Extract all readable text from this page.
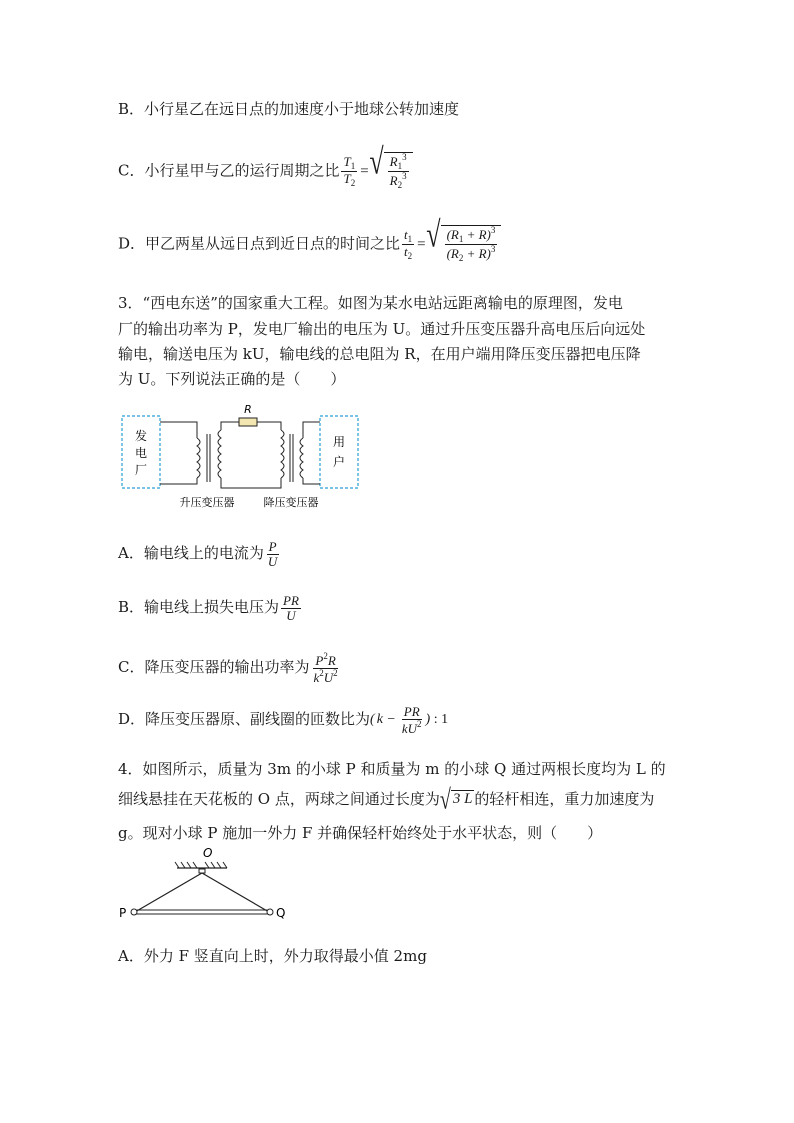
B．小行星乙在远日点的加速度小于地球公转加速度
C．小行星甲与乙的运行周期之比 $\frac{T_1}{T_2}$ = √ $\frac{R_1^3}{R_2^3}$
D．甲乙两星从远日点到近日点的时间之比 $\frac{t_1}{t_2}$ = √ $\frac{(R_1 + R)^3}{(R_2 + R)^3}$
3．“西电东送”的国家重大工程。如图为某水电站远距离输电的原理图，发电
厂的输出功率为 P，发电厂输出的电压为 U。通过升压变压器升高电压后向远处
输电，输送电压为 kU，输电线的总电阻为 R，在用户端用降压变压器把电压降
为 U。下列说法正确的是（　　）
发
电
厂
用
户
R
升压变压器	降压变压器
A．输电线上的电流为 $\frac{P}{U}$
B．输电线上损失电压为 $\frac{PR}{U}$
C．降压变压器的输出功率为 $\frac{P^2R}{k^2U^2}$
D．降压变压器原、副线圈的匝数比为( $k - \frac{PR}{kU^2}$ ) : 1
4．如图所示，质量为 3m 的小球 P 和质量为 m 的小球 Q 通过两根长度均为 L 的
细线悬挂在天花板的 O 点，两球之间通过长度为 √ 3 L 的轻杆相连，重力加速度为
g。现对小球 P 施加一外力 F 并确保轻杆始终处于水平状态，则（　　）
O
P	Q
A．外力 F 竖直向上时，外力取得最小值 2mg
